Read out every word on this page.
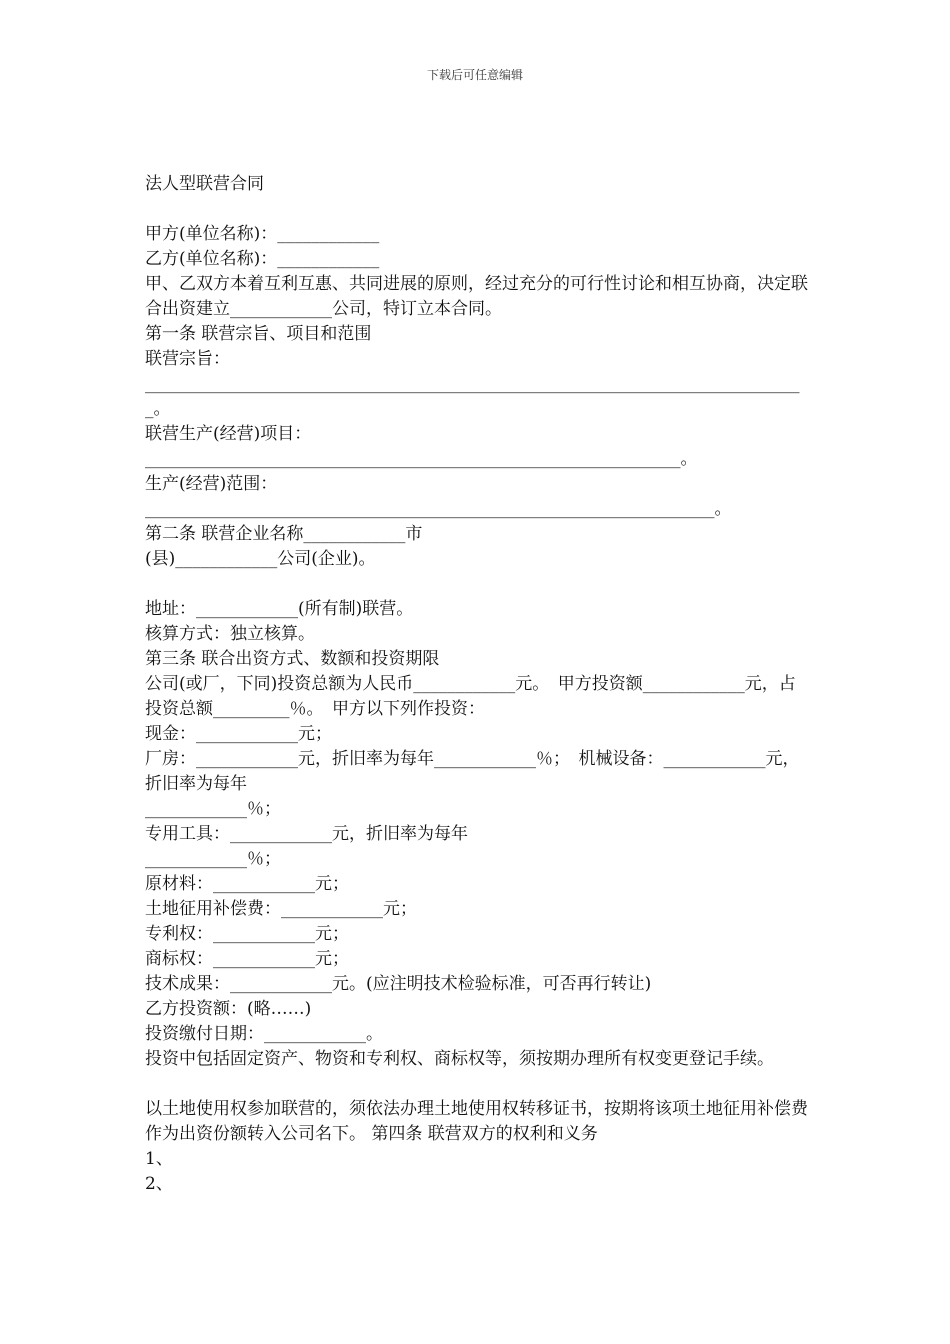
下载后可任意编辑

法人型联营合同

甲方(单位名称)：____________

乙方(单位名称)：____________

甲、乙双方本着互利互惠、共同进展的原则，经过充分的可行性讨论和相互协商，决定联合出资建立____________公司，特订立本合同。

第一条 联营宗旨、项目和范围

联营宗旨：

______________________________________________________________________________。

联营生产(经营)项目：

_______________________________________________________________。

生产(经营)范围：

___________________________________________________________________。

第二条 联营企业名称____________市

(县)____________公司(企业)。

地址：____________(所有制)联营。

核算方式：独立核算。

第三条 联合出资方式、数额和投资期限

公司(或厂，下同)投资总额为人民币____________元。　甲方投资额____________元，占投资总额_________％。　甲方以下列作投资：

现金：____________元；

厂房：____________元，折旧率为每年____________％；　机械设备：____________元，折旧率为每年

____________％；

专用工具：____________元，折旧率为每年

____________％；

原材料：____________元；

土地征用补偿费：____________元；

专利权：____________元；

商标权：____________元；

技术成果：____________元。(应注明技术检验标准，可否再行转让)

乙方投资额：(略……)

投资缴付日期：____________。

投资中包括固定资产、物资和专利权、商标权等，须按期办理所有权变更登记手续。

以土地使用权参加联营的，须依法办理土地使用权转移证书，按期将该项土地征用补偿费作为出资份额转入公司名下。 第四条 联营双方的权利和义务

1、

2、
